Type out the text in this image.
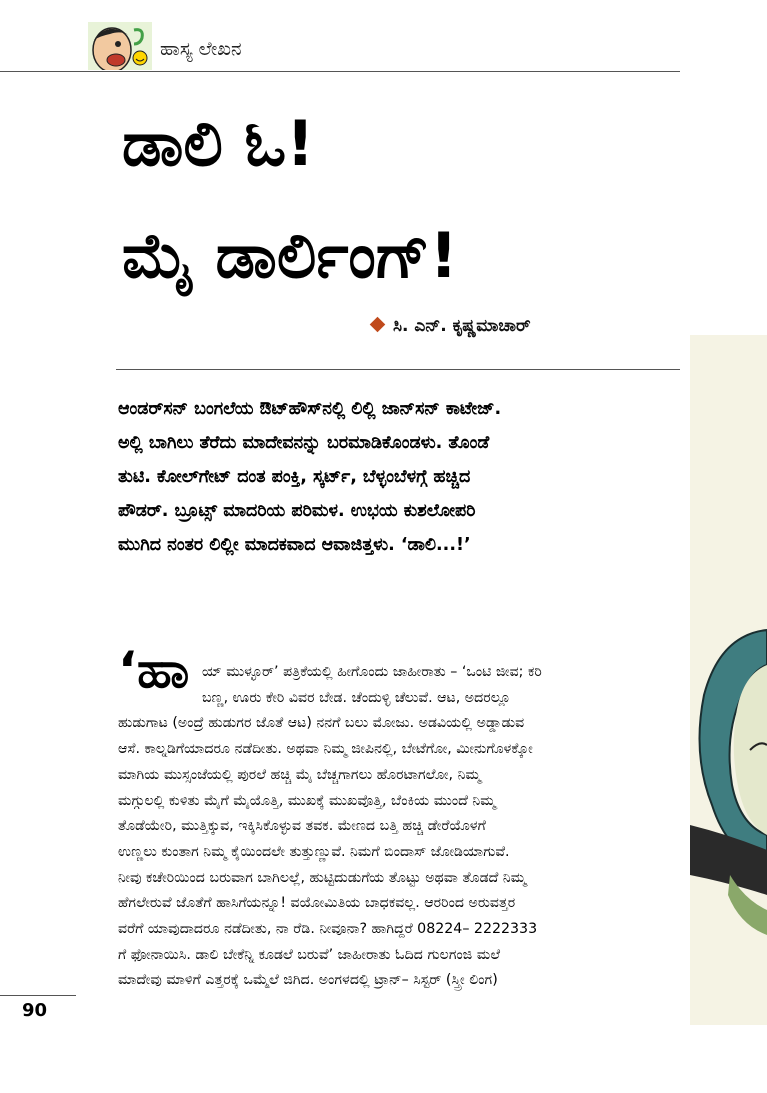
ಹಾಸ್ಯ ಲೇಖನ
ಡಾಲಿ ಓ!
ಮೈ ಡಾರ್ಲಿಂಗ್!
ಸಿ. ಎನ್. ಕೃಷ್ಣಮಾಚಾರ್

ಆಂಡರ್‌ಸನ್ ಬಂಗಲೆಯ ಔಟ್‌ಹೌಸ್‌ನಲ್ಲಿ ಲಿಲ್ಲಿ ಜಾನ್‌ಸನ್ ಕಾಟೇಜ್.

ಅಲ್ಲಿ ಬಾಗಿಲು ತೆರೆದು ಮಾದೇವನನ್ನು ಬರಮಾಡಿಕೊಂಡಳು. ತೊಂಡೆ

ತುಟಿ. ಕೋಲ್‌ಗೇಟ್ ದಂತ ಪಂಕ್ತಿ, ಸ್ಕರ್ಟ್, ಬೆಳ್ಳಂಬೆಳಗ್ಗೆ ಹಚ್ಚಿದ

ಪೌಡರ್. ಬ್ರೂಟ್ಸ್ ಮಾದರಿಯ ಪರಿಮಳ. ಉಭಯ ಕುಶಲೋಪರಿ

ಮುಗಿದ ನಂತರ ಲಿಲ್ಲೀ ಮಾದಕವಾದ ಆವಾಜಿತ್ತಳು. ‘ಡಾಲಿ...!’

‘ಹಾ ಯ್ ಮುಳ್ಳೂರ್’ ಪತ್ರಿಕೆಯಲ್ಲಿ ಹೀಗೊಂದು ಜಾಹೀರಾತು – ‘ಒಂಟಿ ಜೀವ; ಕರಿ

ಬಣ್ಣ, ಊರು ಕೇರಿ ವಿವರ ಬೇಡ. ಚೆಂದುಳ್ಳಿ ಚೆಲುವೆ. ಆಟ, ಅದರಲ್ಲೂ

ಹುಡುಗಾಟ (ಅಂದ್ರೆ ಹುಡುಗರ ಜೊತೆ ಆಟ) ನನಗೆ ಬಲು ಮೋಜು. ಅಡವಿಯಲ್ಲಿ ಅಡ್ಡಾಡುವ

ಆಸೆ. ಕಾಲ್ನಡಿಗೆಯಾದರೂ ನಡೆದೀತು. ಅಥವಾ ನಿಮ್ಮ ಜೀಪಿನಲ್ಲಿ, ಬೇಟೆಗೋ, ಮೀನುಗೊಳಕ್ಕೋ

ಮಾಗಿಯ ಮುಸ್ಸಂಜೆಯಲ್ಲಿ ಪುರಲೆ ಹಚ್ಚಿ ಮೈ ಬೆಚ್ಚಗಾಗಲು ಹೊರಟಾಗಲೋ, ನಿಮ್ಮ

ಮಗ್ಗುಲಲ್ಲಿ ಕುಳಿತು ಮೈಗೆ ಮೈಯೊತ್ತಿ, ಮುಖಕ್ಕೆ ಮುಖವೊತ್ತಿ, ಬೆಂಕಿಯ ಮುಂದೆ ನಿಮ್ಮ

ತೊಡೆಯೇರಿ, ಮುತ್ತಿಕ್ಕುವ, ಇಕ್ಕಿಸಿಕೊಳ್ಳುವ ತವಕ. ಮೇಣದ ಬತ್ತಿ ಹಚ್ಚಿ ಡೇರೆಯೊಳಗೆ

ಉಣ್ಣಲು ಕುಂತಾಗ ನಿಮ್ಮ ಕೈಯಿಂದಲೇ ತುತ್ತುಣ್ಣುವೆ. ನಿಮಗೆ ಬಿಂದಾಸ್ ಜೋಡಿಯಾಗುವೆ.

ನೀವು ಕಚೇರಿಯಿಂದ ಬರುವಾಗ ಬಾಗಿಲಲ್ಲೆ, ಹುಟ್ಟಿದುಡುಗೆಯ ತೊಟ್ಟು ಅಥವಾ ತೊಡದೆ ನಿಮ್ಮ

ಹೆಗಲೇರುವೆ ಜೊತೆಗೆ ಹಾಸಿಗೆಯನ್ನೂ! ವಯೋಮಿತಿಯ ಬಾಧಕವಲ್ಲ. ಆರರಿಂದ ಅರುವತ್ತರ

ವರೆಗೆ ಯಾವುದಾದರೂ ನಡೆದೀತು, ನಾ ರೆಡಿ. ನೀವೂನಾ? ಹಾಗಿದ್ದರೆ 08224– 2222333

ಗೆ ಫೋನಾಯಿಸಿ. ಡಾಲಿ ಬೇಕೆನ್ನಿ ಕೂಡಲೆ ಬರುವೆ’ ಜಾಹೀರಾತು ಓದಿದ ಗುಲಗಂಜಿ ಮಲೆ

ಮಾದೇವು ಮಾಳಿಗೆ ಎತ್ತರಕ್ಕೆ ಒಮ್ಮೆಲೆ ಜಿಗಿದ. ಅಂಗಳದಲ್ಲಿ ಟ್ರಾನ್– ಸಿಸ್ಟರ್ (ಸ್ತ್ರೀ ಲಿಂಗ)

90
